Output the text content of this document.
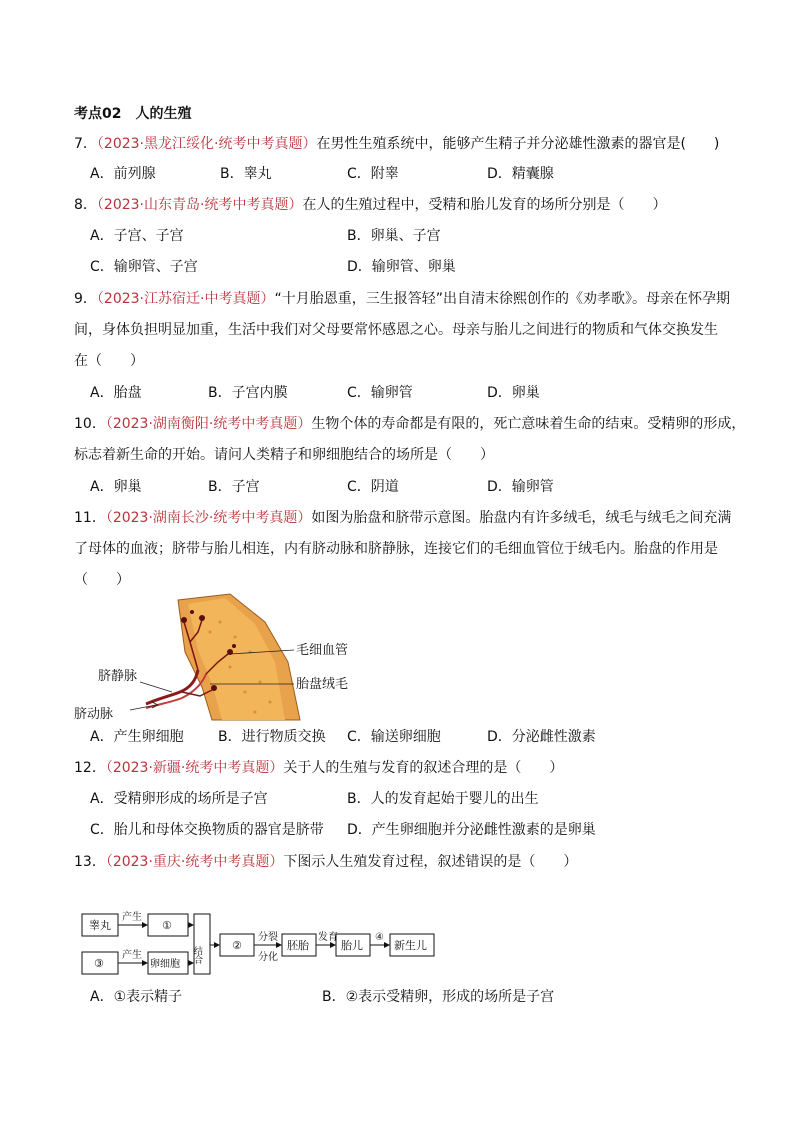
考点02　人的生殖
7．（2023·黑龙江绥化·统考中考真题）在男性生殖系统中，能够产生精子并分泌雄性激素的器官是(　　)
A．前列腺	B．睾丸	C．附睾	D．精囊腺
8．（2023·山东青岛·统考中考真题）在人的生殖过程中，受精和胎儿发育的场所分别是（　　）
A．子宫、子宫	B．卵巢、子宫
C．输卵管、子宫	D．输卵管、卵巢
9．（2023·江苏宿迁·中考真题）“十月胎恩重，三生报答轻”出自清末徐熙创作的《劝孝歌》。母亲在怀孕期
间，身体负担明显加重，生活中我们对父母要常怀感恩之心。母亲与胎儿之间进行的物质和气体交换发生
在（　　）
A．胎盘	B．子宫内膜	C．输卵管	D．卵巢
10．（2023·湖南衡阳·统考中考真题）生物个体的寿命都是有限的，死亡意味着生命的结束。受精卵的形成，
标志着新生命的开始。请问人类精子和卵细胞结合的场所是（　　）
A．卵巢	B．子宫	C．阴道	D．输卵管
11．（2023·湖南长沙·统考中考真题）如图为胎盘和脐带示意图。胎盘内有许多绒毛，绒毛与绒毛之间充满
了母体的血液；脐带与胎儿相连，内有脐动脉和脐静脉，连接它们的毛细血管位于绒毛内。胎盘的作用是
（　　）
毛细血管
胎盘绒毛
脐静脉
脐动脉
A．产生卵细胞 B．进行物质交换 C．输送卵细胞	D．分泌雌性激素
12．（2023·新疆·统考中考真题）关于人的生殖与发育的叙述合理的是（　　）
A．受精卵形成的场所是子宫	B．人的发育起始于婴儿的出生
C．胎儿和母体交换物质的器官是脐带 D．产生卵细胞并分泌雌性激素的是卵巢
13．（2023·重庆·统考中考真题）下图示人生殖发育过程，叙述错误的是（　　）
睾丸
产生
①
③
产生
卵细胞
结合
②
分裂
分化
胚胎
发育
胎儿
④
新生儿
A．①表示精子	B．②表示受精卵，形成的场所是子宫
